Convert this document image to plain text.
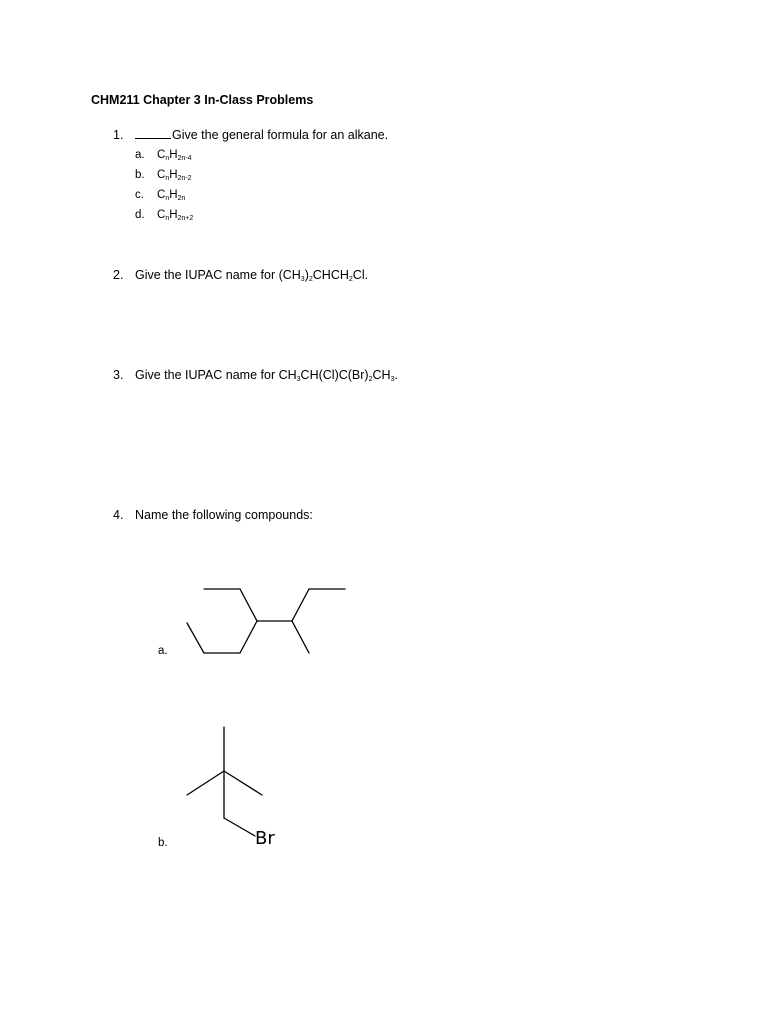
CHM211 Chapter 3 In-Class Problems
1.	Give the general formula for an alkane.
a. $C_nH_{2n-4}$
b. $C_nH_{2n-2}$
c. $C_nH_{2n}$
d. $C_nH_{2n+2}$
2. Give the IUPAC name for $(CH_3)_2CHCH_2Cl$.
3. Give the IUPAC name for $CH_3CH(Cl)C(Br)_2CH_3$.
4. Name the following compounds:
a.
b.	Br
